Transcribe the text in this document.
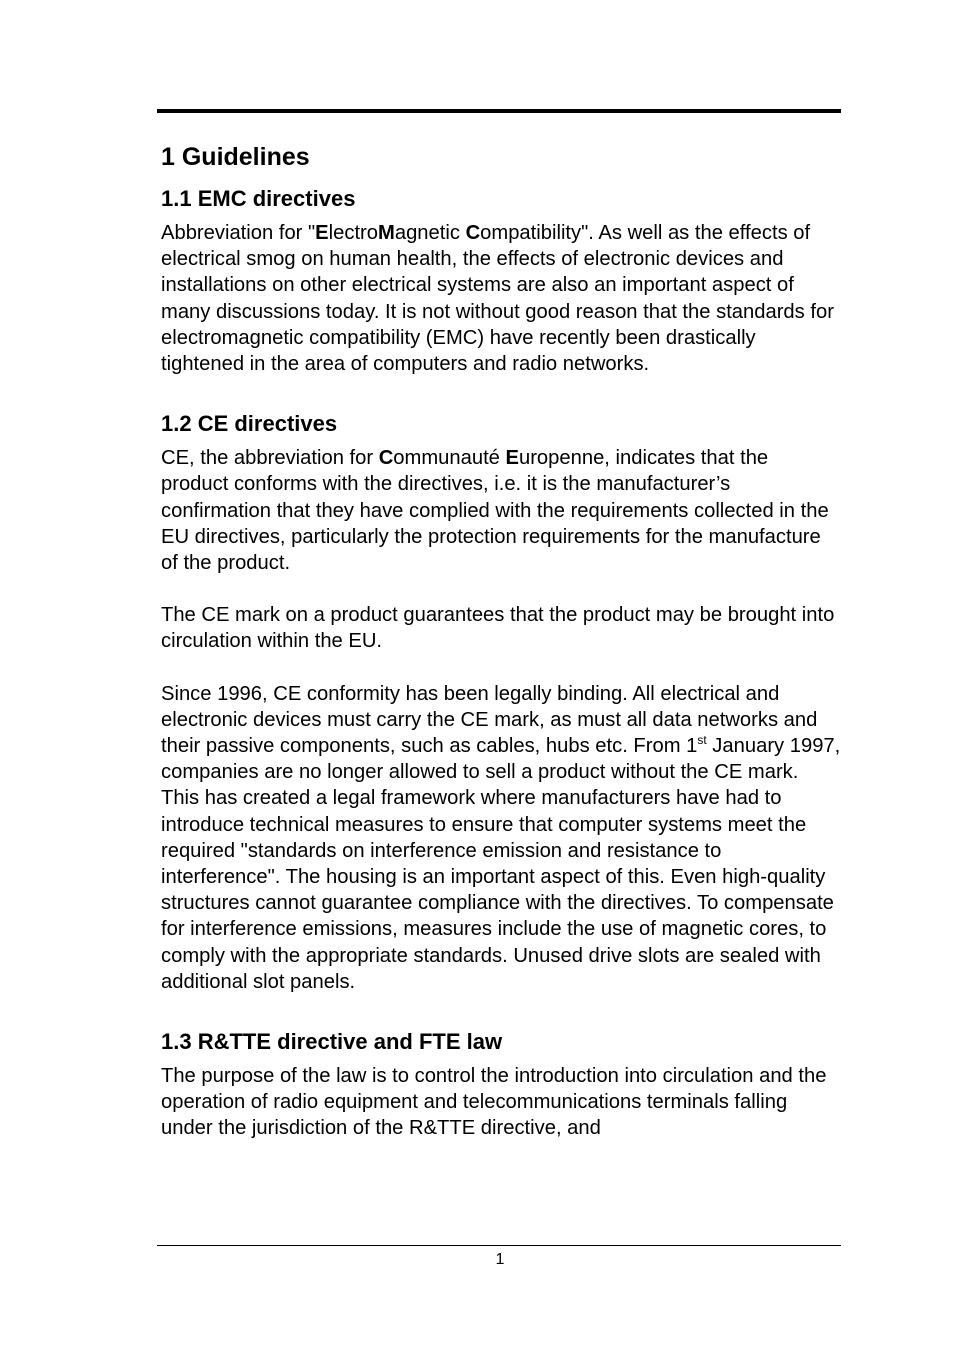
1 Guidelines
1.1 EMC directives

Abbreviation for "ElectroMagnetic Compatibility". As well as the effects of electrical smog on human health, the effects of electronic devices and installations on other electrical systems are also an important aspect of many discussions today. It is not without good reason that the standards for electromagnetic compatibility (EMC) have recently been drastically tightened in the area of computers and radio networks.

1.2 CE directives

CE, the abbreviation for Communauté Europenne, indicates that the product conforms with the directives, i.e. it is the manufacturer’s confirmation that they have complied with the requirements collected in the EU directives, particularly the protection requirements for the manufacture of the product.

The CE mark on a product guarantees that the product may be brought into circulation within the EU.

Since 1996, CE conformity has been legally binding. All electrical and electronic devices must carry the CE mark, as must all data networks and their passive components, such as cables, hubs etc. From 1st January 1997, companies are no longer allowed to sell a product without the CE mark. This has created a legal framework where manufacturers have had to introduce technical measures to ensure that computer systems meet the required "standards on interference emission and resistance to interference". The housing is an important aspect of this. Even high-quality structures cannot guarantee compliance with the directives. To compensate for interference emissions, measures include the use of magnetic cores, to comply with the appropriate standards. Unused drive slots are sealed with additional slot panels.

1.3 R&TTE directive and FTE law

The purpose of the law is to control the introduction into circulation and the operation of radio equipment and telecommunications terminals falling under the jurisdiction of the R&TTE directive, and

1
